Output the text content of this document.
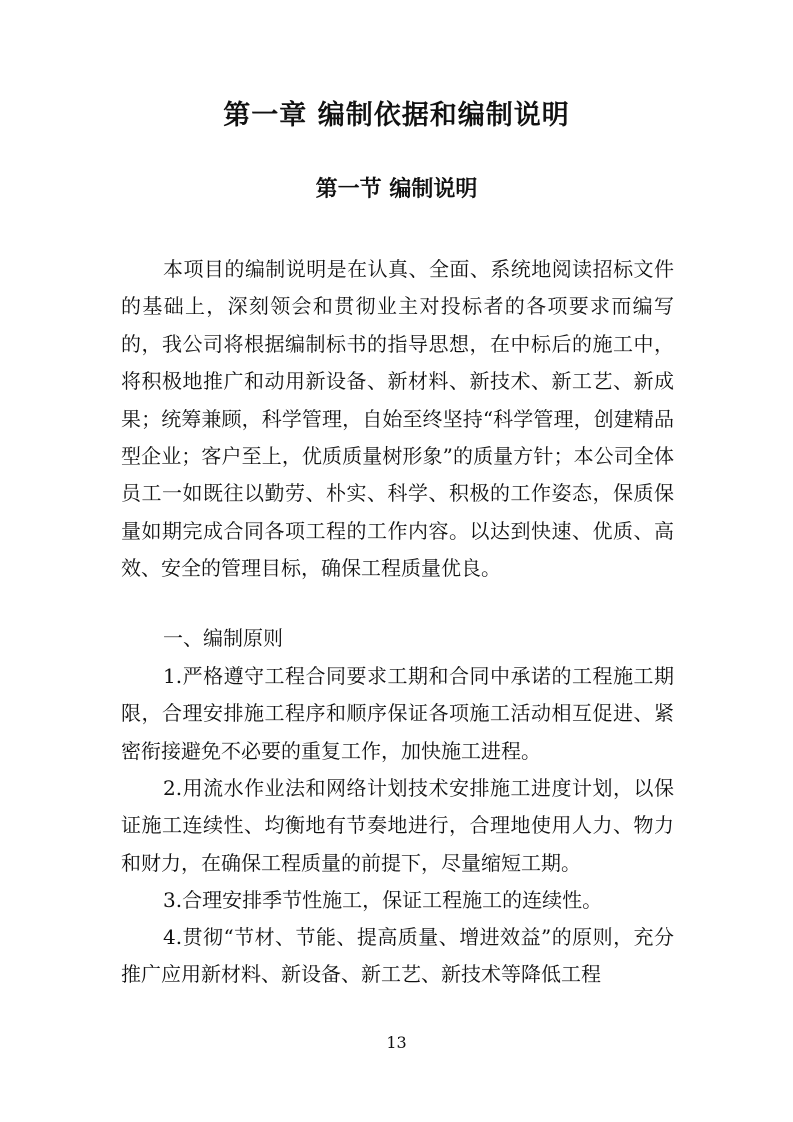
第一章 编制依据和编制说明
第一节 编制说明

本项目的编制说明是在认真、全面、系统地阅读招标文件的基础上，深刻领会和贯彻业主对投标者的各项要求而编写的，我公司将根据编制标书的指导思想，在中标后的施工中，将积极地推广和动用新设备、新材料、新技术、新工艺、新成果；统筹兼顾，科学管理，自始至终坚持“科学管理，创建精品型企业；客户至上，优质质量树形象”的质量方针；本公司全体员工一如既往以勤劳、朴实、科学、积极的工作姿态，保质保量如期完成合同各项工程的工作内容。以达到快速、优质、高效、安全的管理目标，确保工程质量优良。

一、编制原则

1.严格遵守工程合同要求工期和合同中承诺的工程施工期限，合理安排施工程序和顺序保证各项施工活动相互促进、紧密衔接避免不必要的重复工作，加快施工进程。

2.用流水作业法和网络计划技术安排施工进度计划，以保证施工连续性、均衡地有节奏地进行，合理地使用人力、物力和财力，在确保工程质量的前提下，尽量缩短工期。

3.合理安排季节性施工，保证工程施工的连续性。

4.贯彻“节材、节能、提高质量、增进效益”的原则，充分推广应用新材料、新设备、新工艺、新技术等降低工程

13
